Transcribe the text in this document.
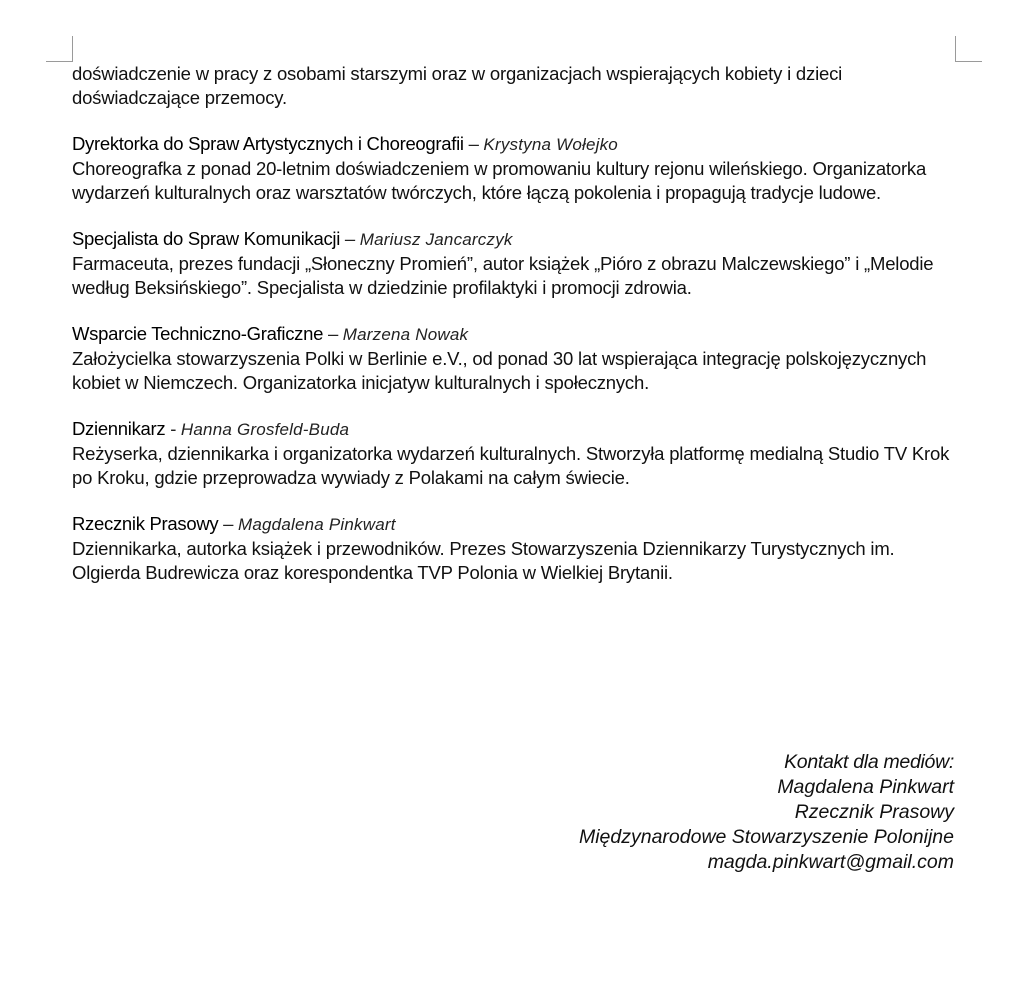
doświadczenie w pracy z osobami starszymi oraz w organizacjach wspierających kobiety i dzieci doświadczające przemocy.

Dyrektorka do Spraw Artystycznych i Choreografii – Krystyna Wołejko

Choreografka z ponad 20-letnim doświadczeniem w promowaniu kultury rejonu wileńskiego. Organizatorka wydarzeń kulturalnych oraz warsztatów twórczych, które łączą pokolenia i propagują tradycje ludowe.

Specjalista do Spraw Komunikacji – Mariusz Jancarczyk

Farmaceuta, prezes fundacji „Słoneczny Promień”, autor książek „Pióro z obrazu Malczewskiego” i „Melodie według Beksińskiego”. Specjalista w dziedzinie profilaktyki i promocji zdrowia.

Wsparcie Techniczno-Graficzne – Marzena Nowak

Założycielka stowarzyszenia Polki w Berlinie e.V., od ponad 30 lat wspierająca integrację polskojęzycznych kobiet w Niemczech. Organizatorka inicjatyw kulturalnych i społecznych.

Dziennikarz - Hanna Grosfeld-Buda

Reżyserka, dziennikarka i organizatorka wydarzeń kulturalnych. Stworzyła platformę medialną Studio TV Krok po Kroku, gdzie przeprowadza wywiady z Polakami na całym świecie.

Rzecznik Prasowy – Magdalena Pinkwart

Dziennikarka, autorka książek i przewodników. Prezes Stowarzyszenia Dziennikarzy Turystycznych im. Olgierda Budrewicza oraz korespondentka TVP Polonia w Wielkiej Brytanii.

Kontakt dla mediów:
Magdalena Pinkwart
Rzecznik Prasowy
Międzynarodowe Stowarzyszenie Polonijne
magda.pinkwart@gmail.com
